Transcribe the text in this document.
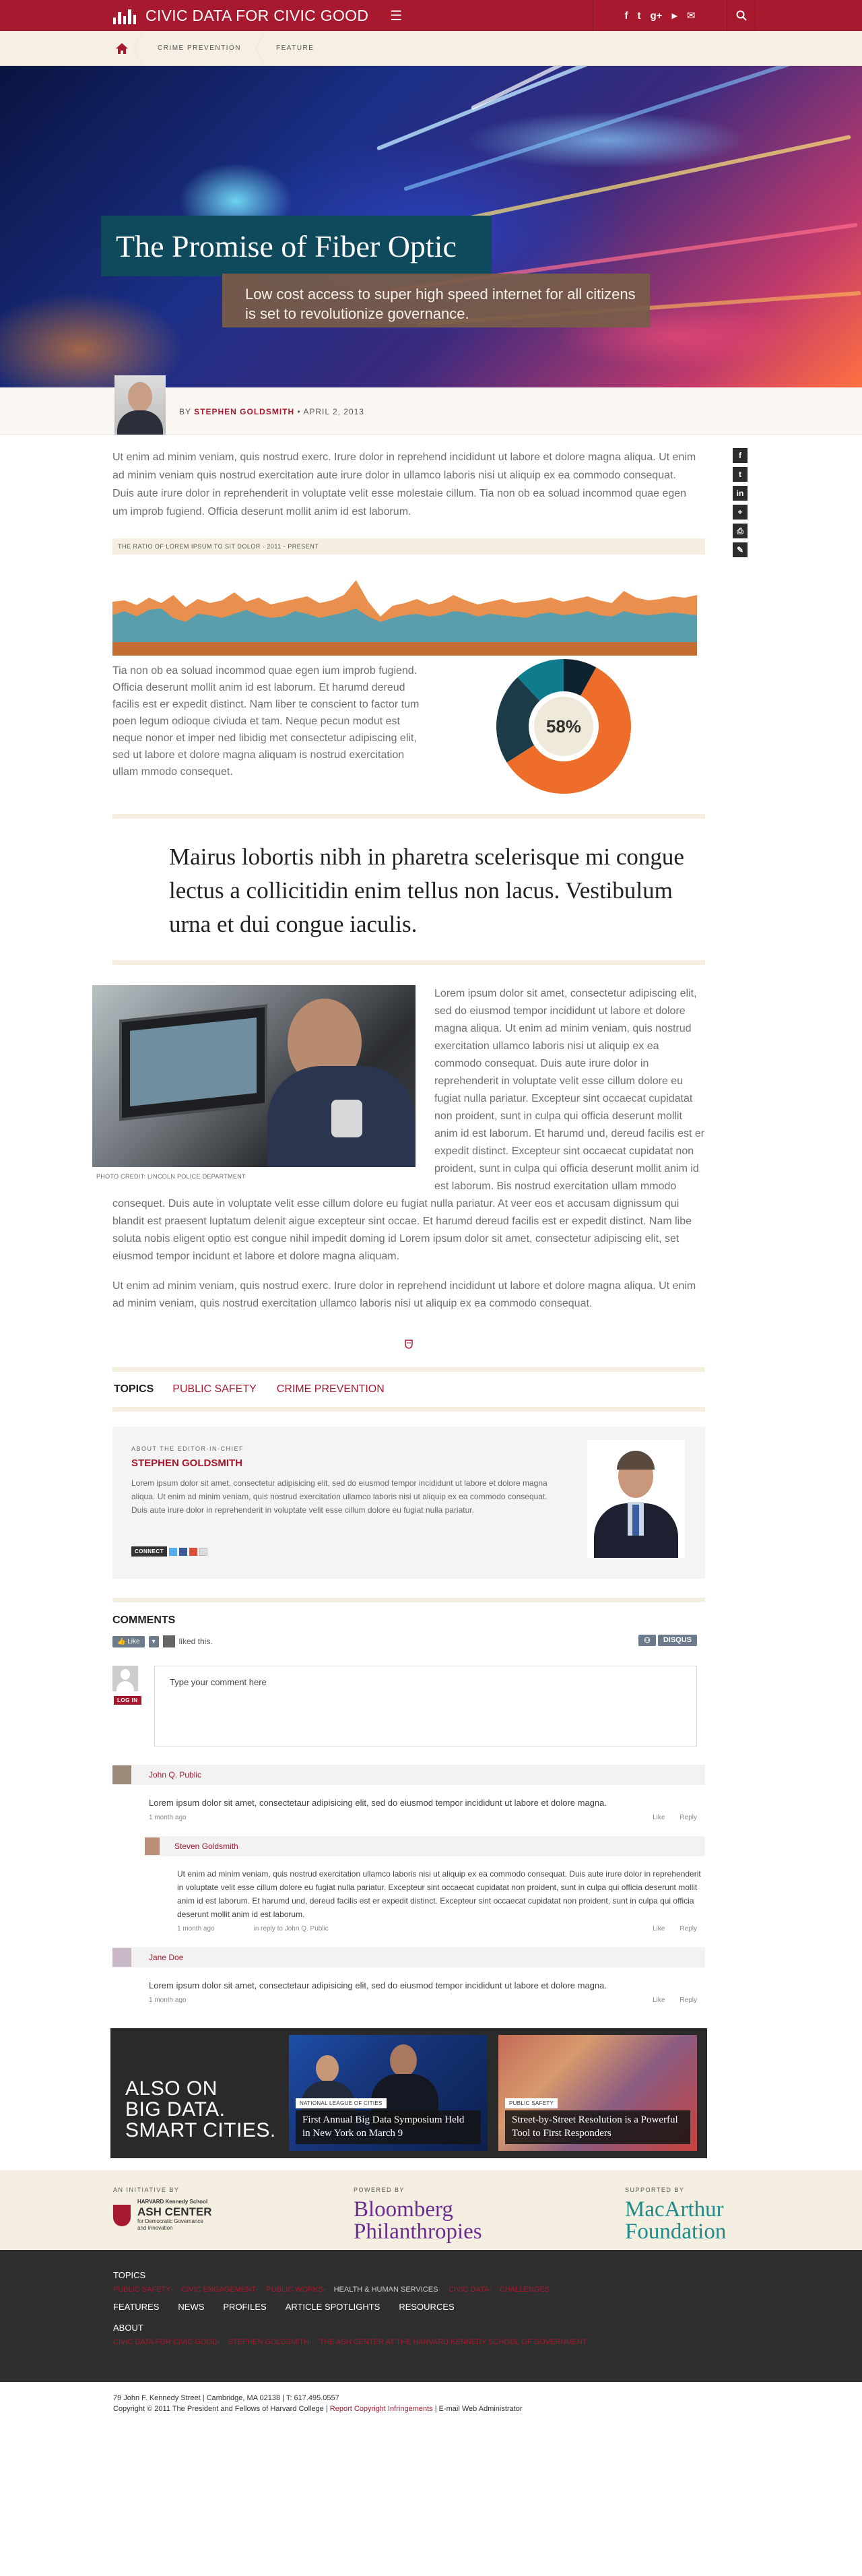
CIVIC DATA FOR CIVIC GOOD ☰	f t g+ ▶ ✉
CRIME PREVENTION	FEATURE
The Promise of Fiber Optic
Low cost access to super high speed internet for all citizens is set to revolutionize governance.
BY STEPHEN GOLDSMITH • APRIL 2, 2013
f
t
in
+
⎙
✎

Ut enim ad minim veniam, quis nostrud exerc. Irure dolor in reprehend incididunt ut labore et dolore magna aliqua. Ut enim ad minim veniam quis nostrud exercitation aute irure dolor in ullamco laboris nisi ut aliquip ex ea commodo consequat. Duis aute irure dolor in reprehenderit in voluptate velit esse molestaie cillum. Tia non ob ea soluad incommod quae egen um improb fugiend. Officia deserunt mollit anim id est laborum.

THE RATIO OF LOREM IPSUM TO SIT DOLOR · 2011 - PRESENT

Tia non ob ea soluad incommod quae egen ium improb fugiend. Officia deserunt mollit anim id est laborum. Et harumd dereud facilis est er expedit distinct. Nam liber te conscient to factor tum poen legum odioque civiuda et tam. Neque pecun modut est neque nonor et imper ned libidig met consectetur adipiscing elit, sed ut labore et dolore magna aliquam is nostrud exercitation ullam mmodo consequet.

58%
Mairus lobortis nibh in pharetra scelerisque mi congue lectus a collicitidin enim tellus non lacus. Vestibulum urna et dui congue iaculis.
PHOTO CREDIT: LINCOLN POLICE DEPARTMENT

Lorem ipsum dolor sit amet, consectetur adipiscing elit, sed do eiusmod tempor incididunt ut labore et dolore magna aliqua. Ut enim ad minim veniam, quis nostrud exercitation ullamco laboris nisi ut aliquip ex ea commodo consequat. Duis aute irure dolor in reprehenderit in voluptate velit esse cillum dolore eu fugiat nulla pariatur. Excepteur sint occaecat cupidatat non proident, sunt in culpa qui officia deserunt mollit anim id est laborum. Et harumd und, dereud facilis est er expedit distinct. Excepteur sint occaecat cupidatat non proident, sunt in culpa qui officia deserunt mollit anim id est laborum. Bis nostrud exercitation ullam mmodo consequet. Duis aute in voluptate velit esse cillum dolore eu fugiat nulla pariatur. At veer eos et accusam dignissum qui blandit est praesent luptatum delenit aigue excepteur sint occae. Et harumd dereud facilis est er expedit distinct. Nam libe soluta nobis eligent optio est congue nihil impedit doming id Lorem ipsum dolor sit amet, consectetur adipiscing elit, set eiusmod tempor incidunt et labore et dolore magna aliquam.

Ut enim ad minim veniam, quis nostrud exerc. Irure dolor in reprehend incididunt ut labore et dolore magna aliqua. Ut enim ad minim veniam, quis nostrud exercitation ullamco laboris nisi ut aliquip ex ea commodo consequat.

TOPICS PUBLIC SAFETY CRIME PREVENTION
ABOUT THE EDITOR-IN-CHIEF
STEPHEN GOLDSMITH

Lorem ipsum dolor sit amet, consectetur adipisicing elit, sed do eiusmod tempor incididunt ut labore et dolore magna aliqua. Ut enim ad minim veniam, quis nostrud exercitation ullamco laboris nisi ut aliquip ex ea commodo consequat. Duis aute irure dolor in reprehenderit in voluptate velit esse cillum dolore eu fugiat nulla pariatur.

CONNECT
COMMENTS
👍 Like	▾	liked this.	⚇	DISQUS
LOG IN
Type your comment here
John Q. Public

Lorem ipsum dolor sit amet, consectetaur adipisicing elit, sed do eiusmod tempor incididunt ut labore et dolore magna.

1 month ago	Like Reply
Steven Goldsmith

Ut enim ad minim veniam, quis nostrud exercitation ullamco laboris nisi ut aliquip ex ea commodo consequat. Duis aute irure dolor in reprehenderit in voluptate velit esse cillum dolore eu fugiat nulla pariatur. Excepteur sint occaecat cupidatat non proident, sunt in culpa qui officia deserunt mollit anim id est laborum. Et harumd und, dereud facilis est er expedit distinct. Excepteur sint occaecat cupidatat non proident, sunt in culpa qui officia deserunt mollit anim id est laborum.

1 month ago	in reply to John Q. Public	Like Reply
Jane Doe

Lorem ipsum dolor sit amet, consectetaur adipisicing elit, sed do eiusmod tempor incididunt ut labore et dolore magna.

1 month ago	Like Reply
ALSO ON
BIG DATA.
SMART CITIES.
NATIONAL LEAGUE OF CITIES
First Annual Big Data Symposium Held in New York on March 9
PUBLIC SAFETY
Street-by-Street Resolution is a Powerful Tool to First Responders
AN INITIATIVE BY
HARVARD Kennedy School
ASH CENTER
for Democratic Governance
and Innovation
POWERED BY
Bloomberg Philanthropies
SUPPORTED BY
MacArthur Foundation
TOPICS
PUBLIC SAFETY ·	CIVIC ENGAGEMENT ·	PUBLIC WORKS ·	HEALTH & HUMAN SERVICES ·	CIVIC DATA ·	CHALLENGES
FEATURES NEWS PROFILES ARTICLE SPOTLIGHTS RESOURCES
ABOUT
CIVIC DATA FOR CIVIC GOOD ·	STEPHEN GOLDSMITH ·	THE ASH CENTER AT THE HARVARD KENNEDY SCHOOL OF GOVERNMENT
79 John F. Kennedy Street | Cambridge, MA 02138 | T: 617.495.0557
Copyright © 2011 The President and Fellows of Harvard College | Report Copyright Infringements | E-mail Web Administrator
